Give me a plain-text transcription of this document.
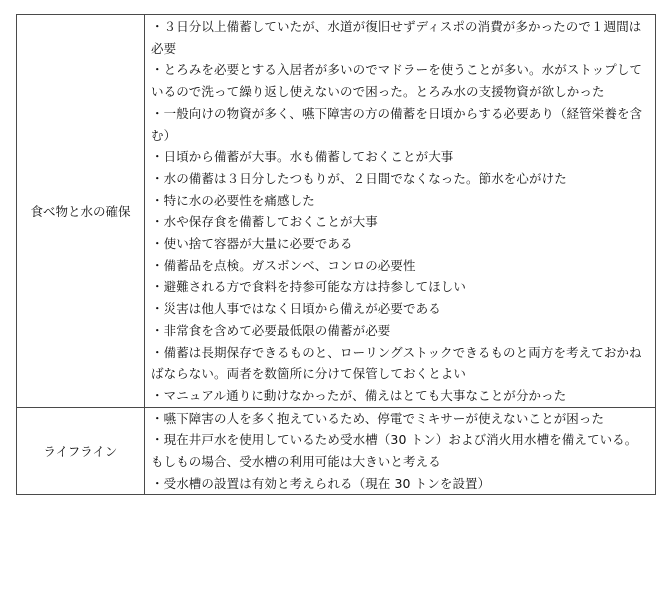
食べ物と水の確保
・３日分以上備蓄していたが、水道が復旧せずディスポの消費が多かったので１週間は必要
・とろみを必要とする入居者が多いのでマドラーを使うことが多い。水がストップしているので洗って繰り返し使えないので困った。とろみ水の支援物資が欲しかった
・一般向けの物資が多く、嚥下障害の方の備蓄を日頃からする必要あり（経管栄養を含む）
・日頃から備蓄が大事。水も備蓄しておくことが大事
・水の備蓄は３日分したつもりが、２日間でなくなった。節水を心がけた
・特に水の必要性を痛感した
・水や保存食を備蓄しておくことが大事
・使い捨て容器が大量に必要である
・備蓄品を点検。ガスボンベ、コンロの必要性
・避難される方で食料を持参可能な方は持参してほしい
・災害は他人事ではなく日頃から備えが必要である
・非常食を含めて必要最低限の備蓄が必要
・備蓄は長期保存できるものと、ローリングストックできるものと両方を考えておかねばならない。両者を数箇所に分けて保管しておくとよい
・マニュアル通りに動けなかったが、備えはとても大事なことが分かった
ライフライン
・嚥下障害の人を多く抱えているため、停電でミキサーが使えないことが困った
・現在井戸水を使用しているため受水槽（30 トン）および消火用水槽を備えている。もしもの場合、受水槽の利用可能は大きいと考える
・受水槽の設置は有効と考えられる（現在 30 トンを設置）
